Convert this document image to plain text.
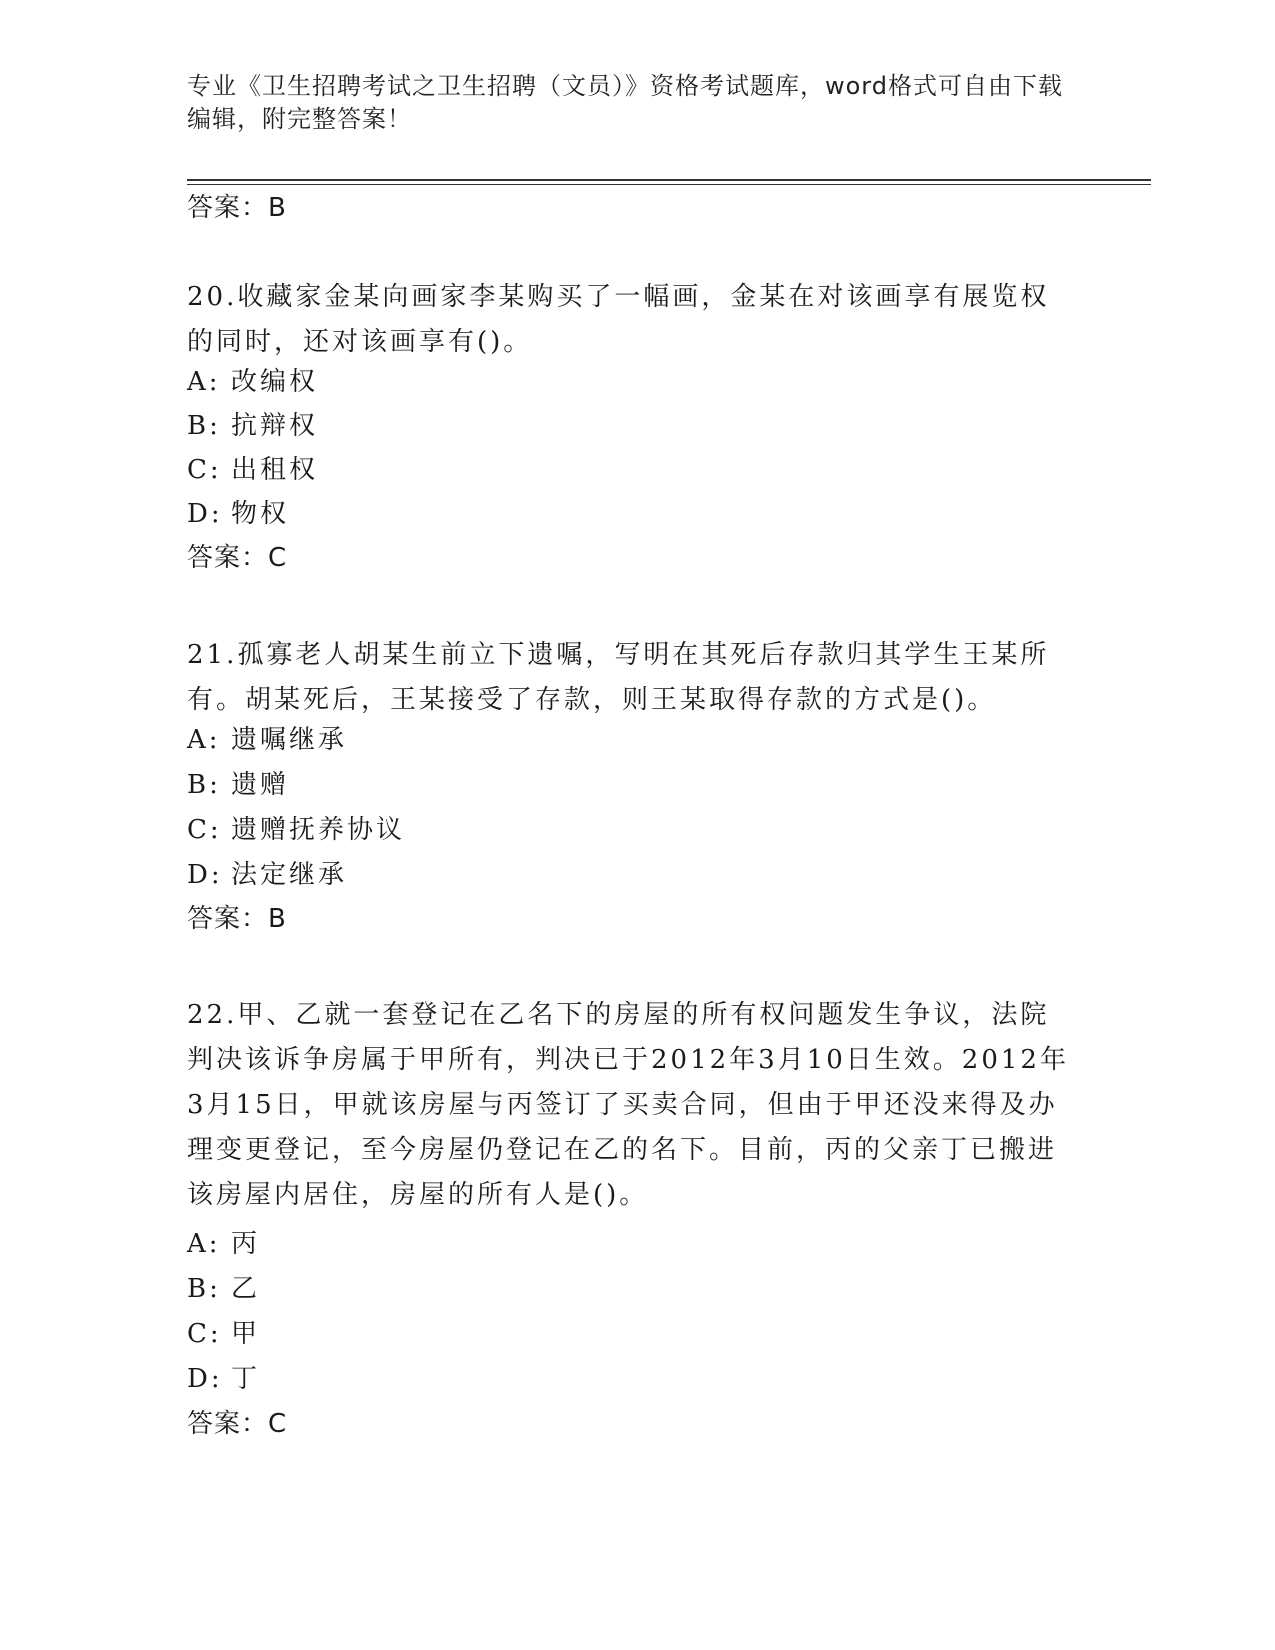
专业《卫生招聘考试之卫生招聘（文员）》资格考试题库，word格式可自由下载
编辑，附完整答案！
答案：B
20.收藏家金某向画家李某购买了一幅画，金某在对该画享有展览权的同时，还对该画享有()。
A: 改编权
B: 抗辩权
C: 出租权
D: 物权
答案：C
21.孤寡老人胡某生前立下遗嘱，写明在其死后存款归其学生王某所有。胡某死后，王某接受了存款，则王某取得存款的方式是()。
A: 遗嘱继承
B: 遗赠
C: 遗赠抚养协议
D: 法定继承
答案：B
22.甲、乙就一套登记在乙名下的房屋的所有权问题发生争议，法院判决该诉争房属于甲所有，判决已于2012年3月10日生效。2012年3月15日，甲就该房屋与丙签订了买卖合同，但由于甲还没来得及办理变更登记，至今房屋仍登记在乙的名下。目前，丙的父亲丁已搬进该房屋内居住，房屋的所有人是()。
A: 丙
B: 乙
C: 甲
D: 丁
答案：C
